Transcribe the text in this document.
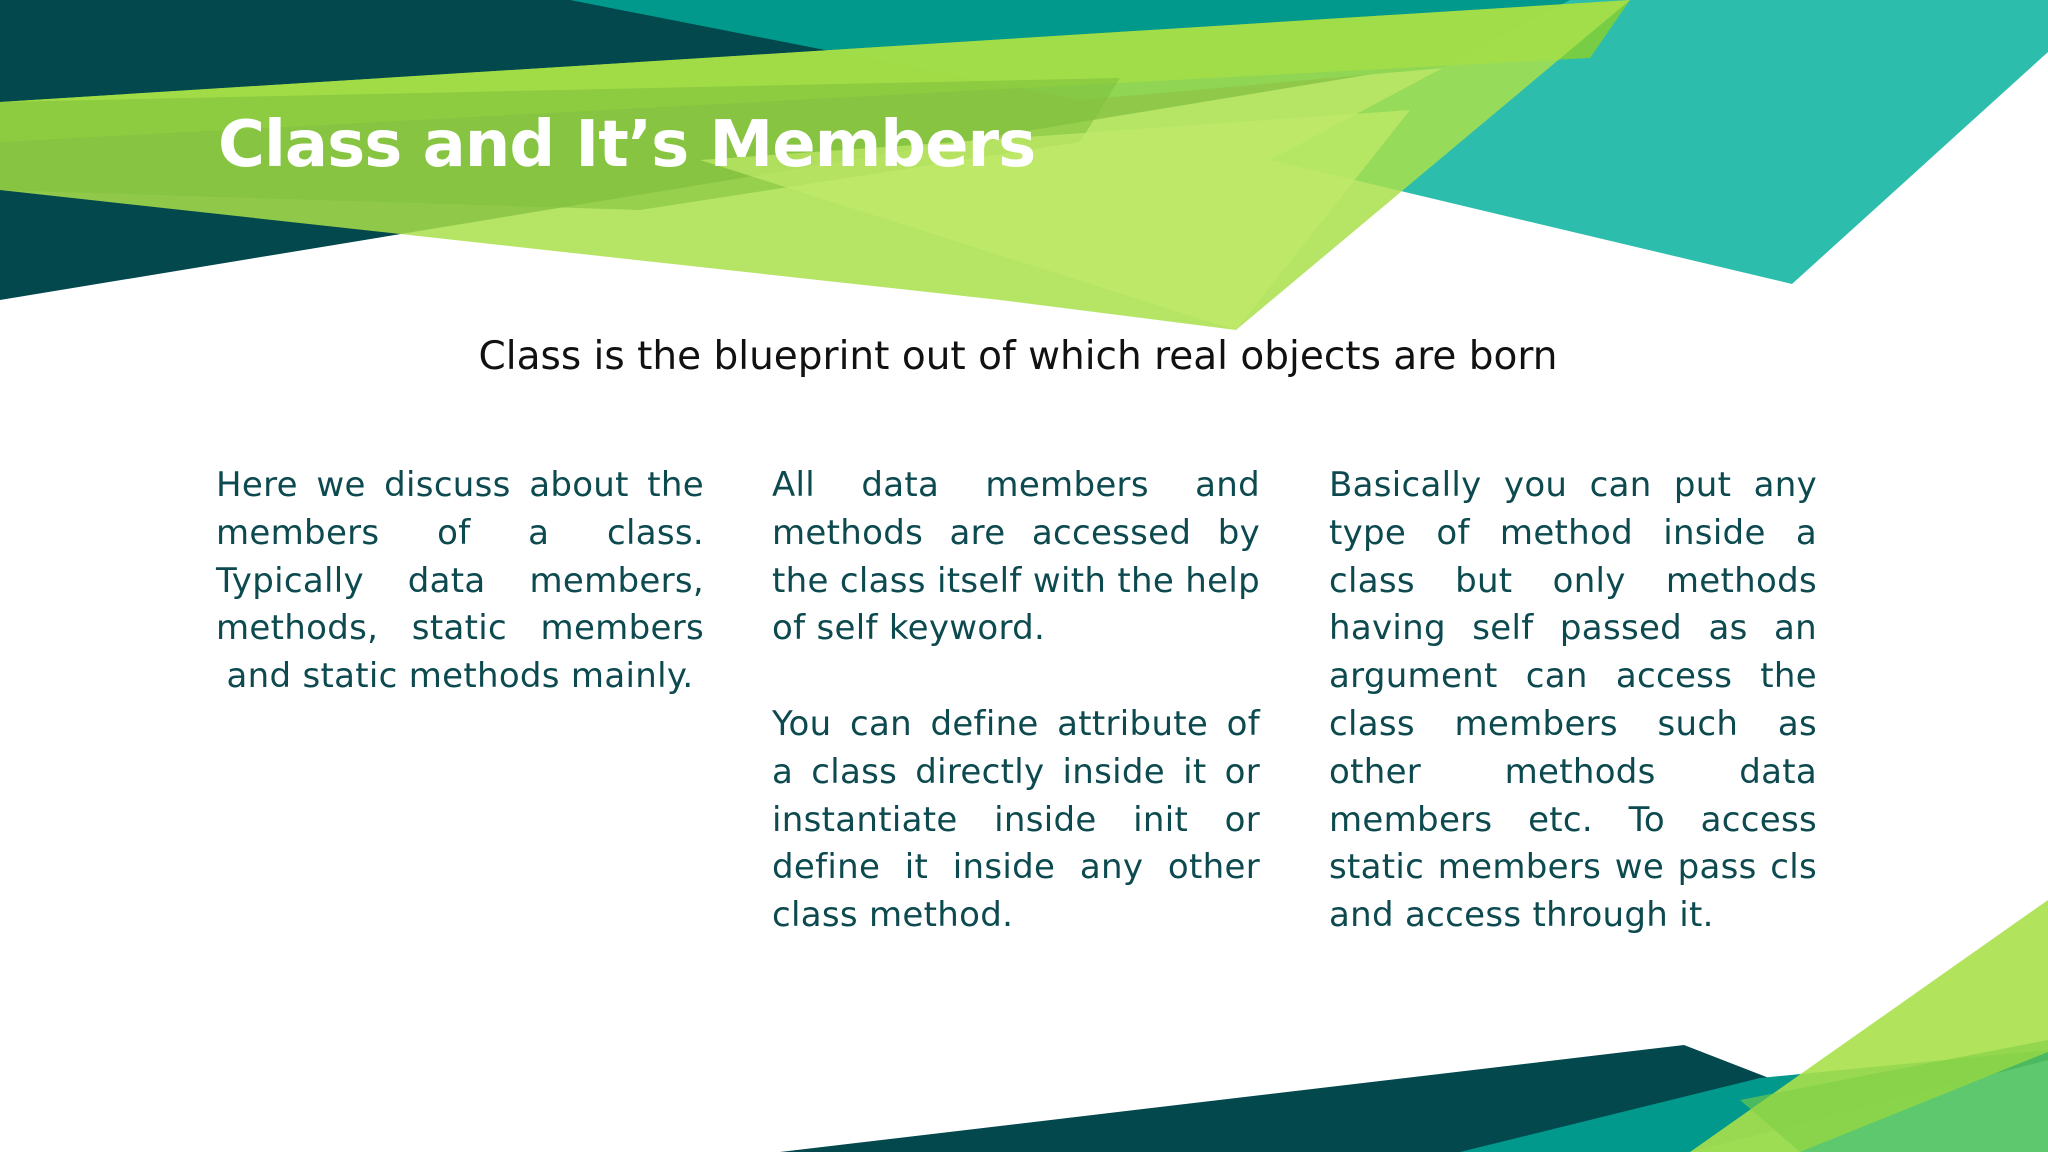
Class and It’s Members

Class is the blueprint out of which real objects are born

Here we discuss about the members of a class. Typically data members, methods, static members and static methods mainly.

All data members and methods are accessed by the class itself with the help of self keyword.

You can define attribute of a class directly inside it or instantiate inside init or define it inside any other class method.

Basically you can put any type of method inside a class but only methods having self passed as an argument can access the class members such as other methods data members etc. To access static members we pass cls and access through it.
